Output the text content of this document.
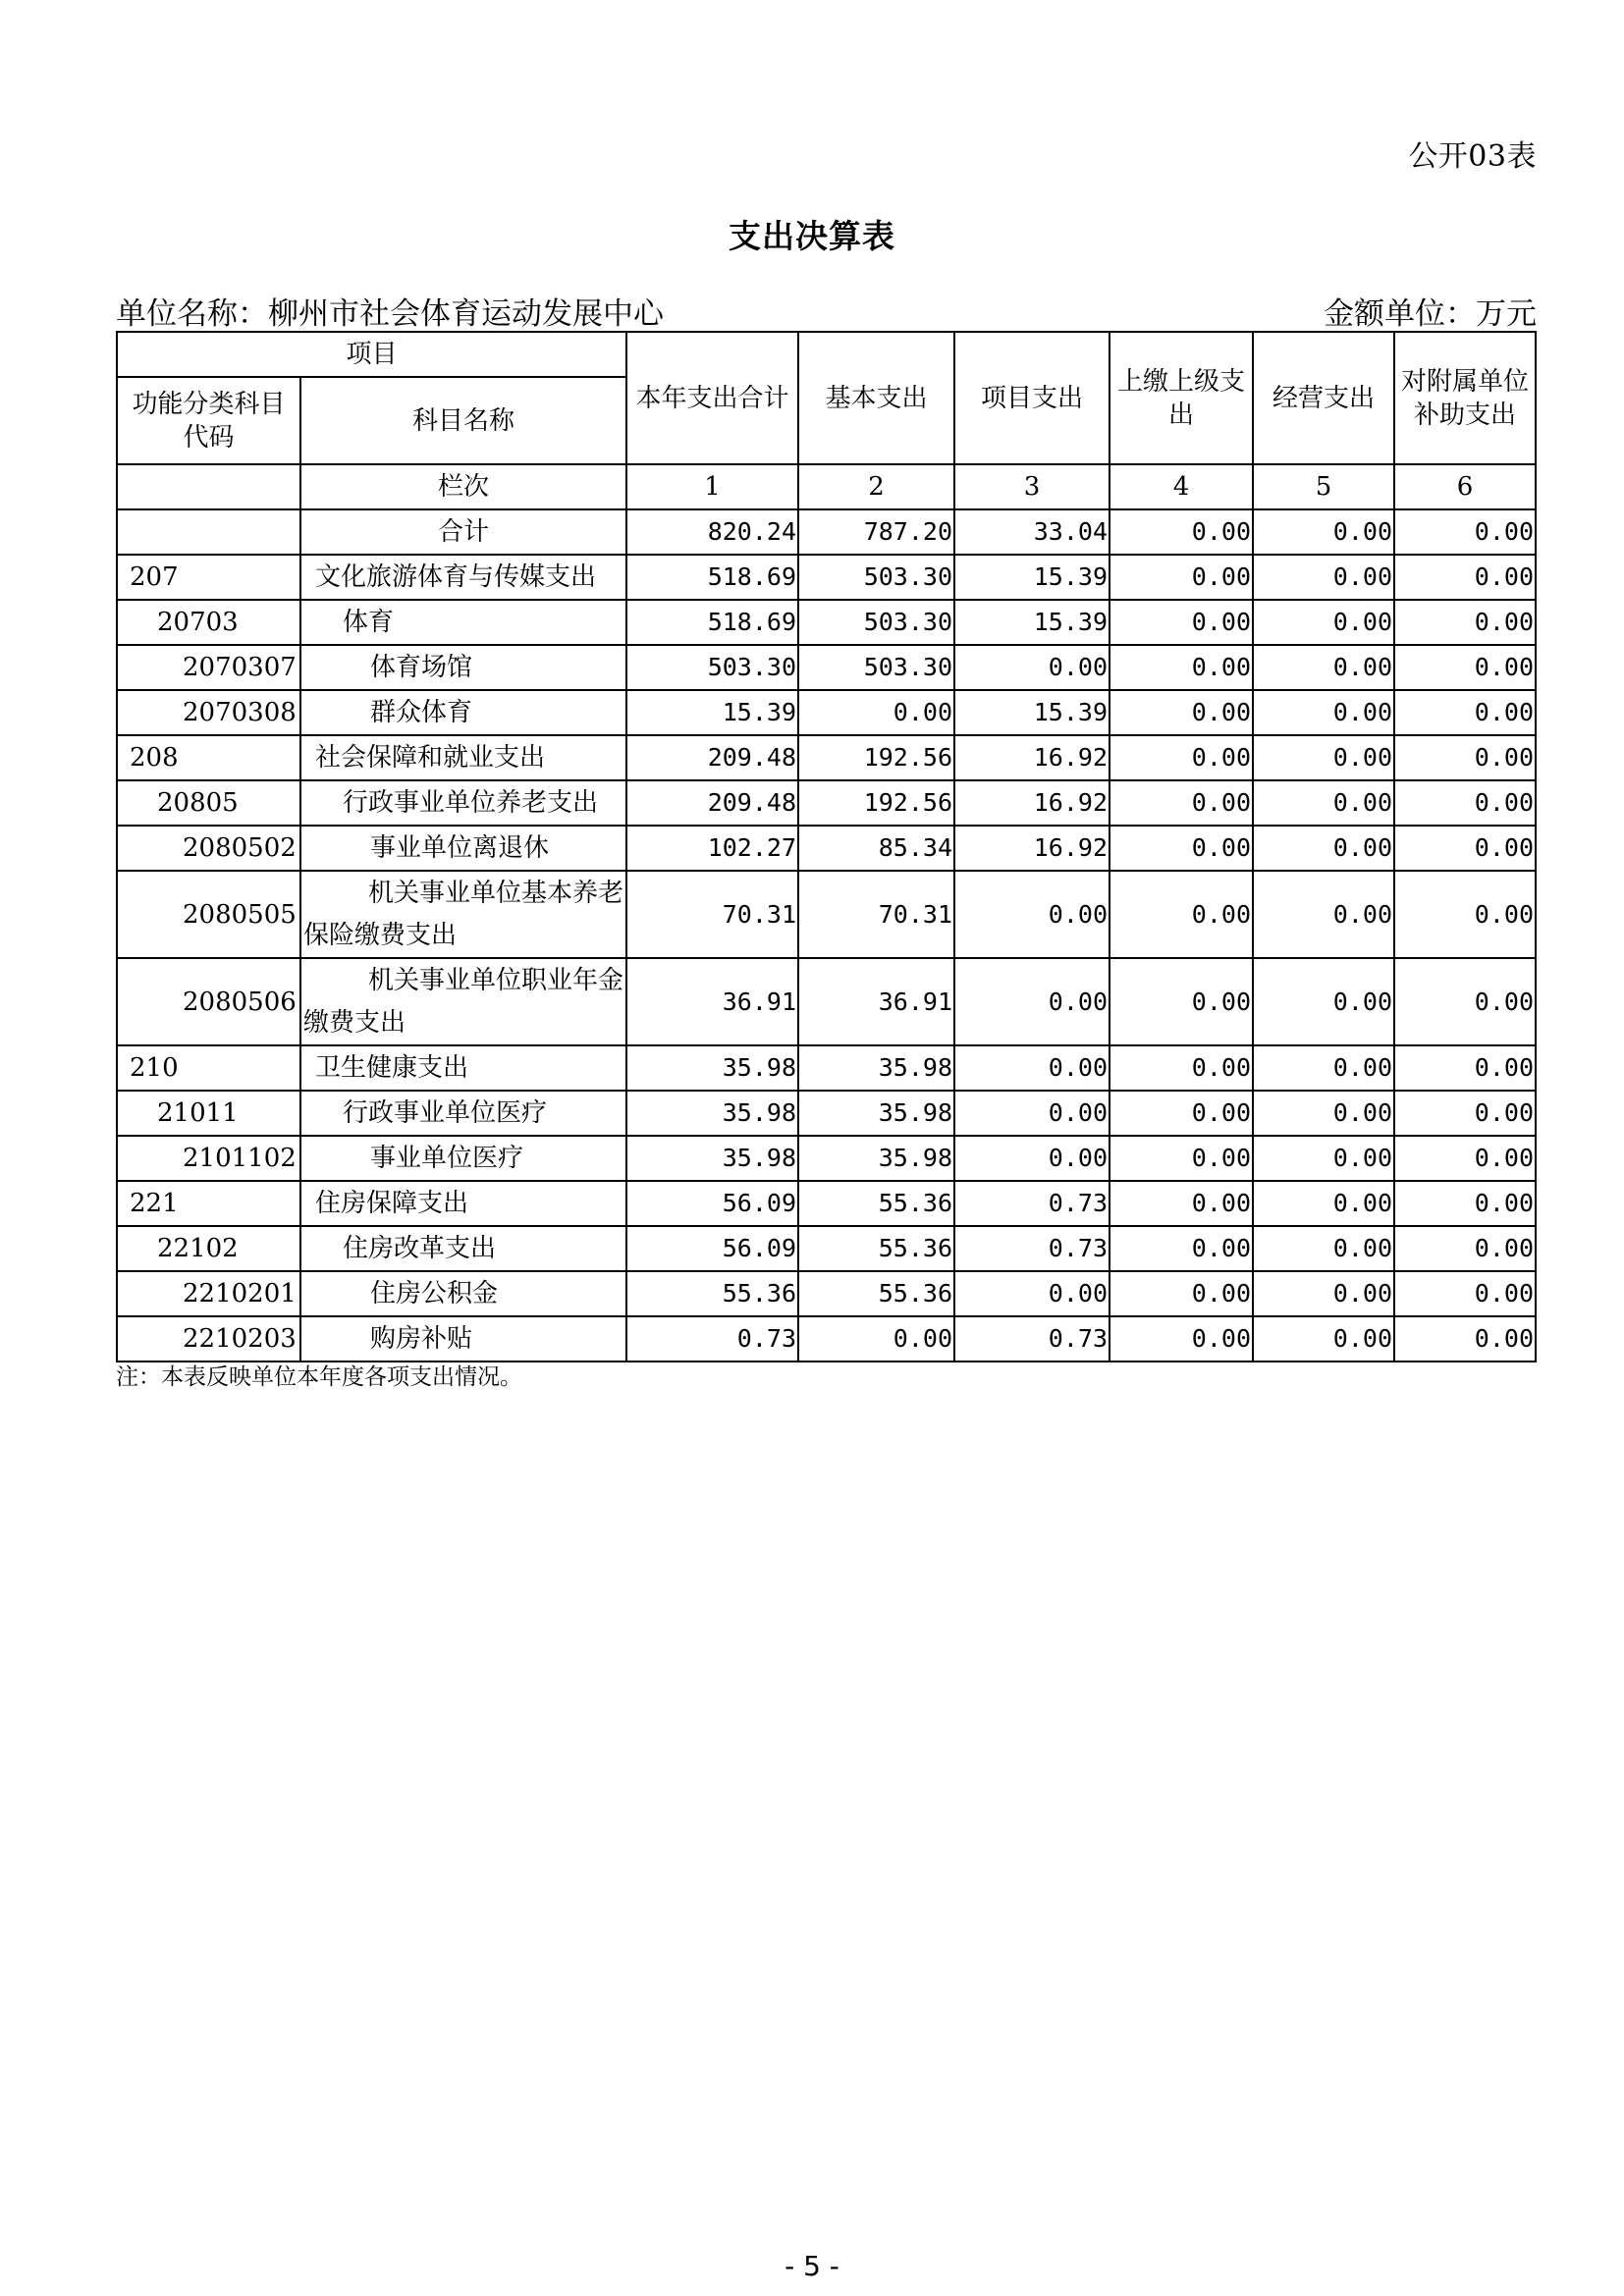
公开03表
支出决算表
单位名称：柳州市社会体育运动发展中心	金额单位：万元
项目		本年支出合计	基本支出	项目支出	上缴上级支出	经营支出	对附属单位补助支出
功能分类科目代码	科目名称						
	栏次	1	2	3	4	5	6
	合计	820.24	787.20	33.04	0.00	0.00	0.00
207	文化旅游体育与传媒支出	518.69	503.30	15.39	0.00	0.00	0.00
20703	体育	518.69	503.30	15.39	0.00	0.00	0.00
2070307	体育场馆	503.30	503.30	0.00	0.00	0.00	0.00
2070308	群众体育	15.39	0.00	15.39	0.00	0.00	0.00
208	社会保障和就业支出	209.48	192.56	16.92	0.00	0.00	0.00
20805	行政事业单位养老支出	209.48	192.56	16.92	0.00	0.00	0.00
2080502	事业单位离退休	102.27	85.34	16.92	0.00	0.00	0.00
2080505	机关事业单位基本养老保险缴费支出	70.31	70.31	0.00	0.00	0.00	0.00
2080506	机关事业单位职业年金缴费支出	36.91	36.91	0.00	0.00	0.00	0.00
210	卫生健康支出	35.98	35.98	0.00	0.00	0.00	0.00
21011	行政事业单位医疗	35.98	35.98	0.00	0.00	0.00	0.00
2101102	事业单位医疗	35.98	35.98	0.00	0.00	0.00	0.00
221	住房保障支出	56.09	55.36	0.73	0.00	0.00	0.00
22102	住房改革支出	56.09	55.36	0.73	0.00	0.00	0.00
2210201	住房公积金	55.36	55.36	0.00	0.00	0.00	0.00
2210203	购房补贴	0.73	0.00	0.73	0.00	0.00	0.00
注：本表反映单位本年度各项支出情况。
- 5 -
